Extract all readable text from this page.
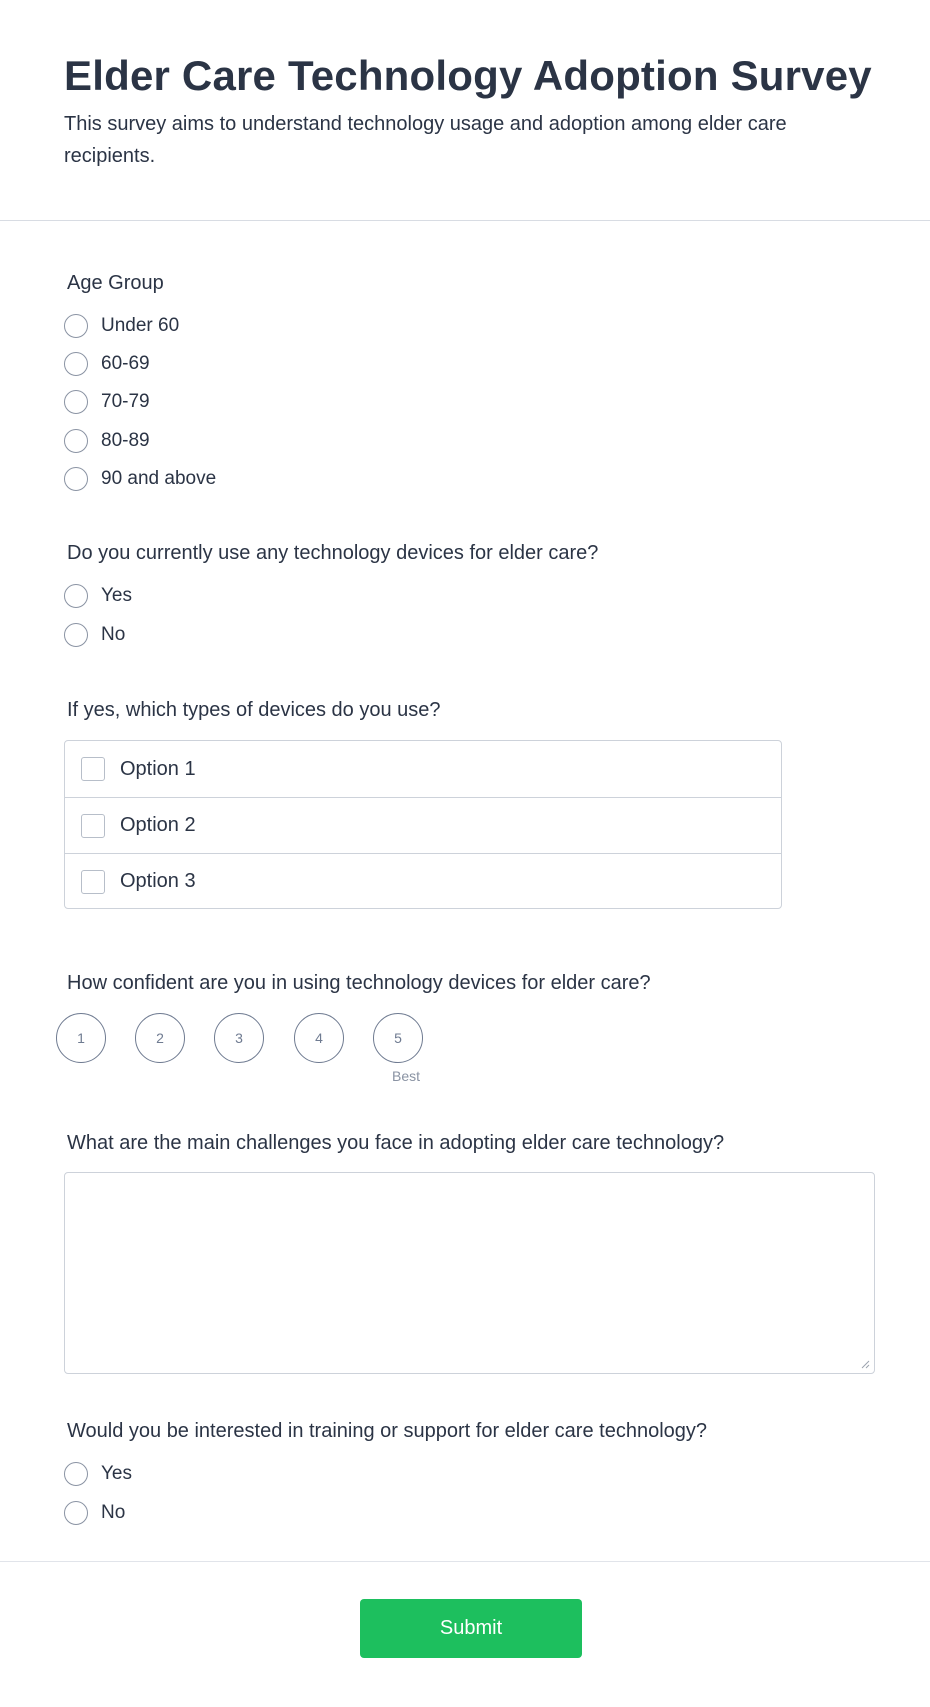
Elder Care Technology Adoption Survey

This survey aims to understand technology usage and adoption among elder care recipients.

Age Group
Under 60
60-69
70-79
80-89
90 and above
Do you currently use any technology devices for elder care?
Yes
No
If yes, which types of devices do you use?
Option 1
Option 2
Option 3
How confident are you in using technology devices for elder care?
1	2	3	4	5
Best
What are the main challenges you face in adopting elder care technology?
Would you be interested in training or support for elder care technology?
Yes
No
Submit
